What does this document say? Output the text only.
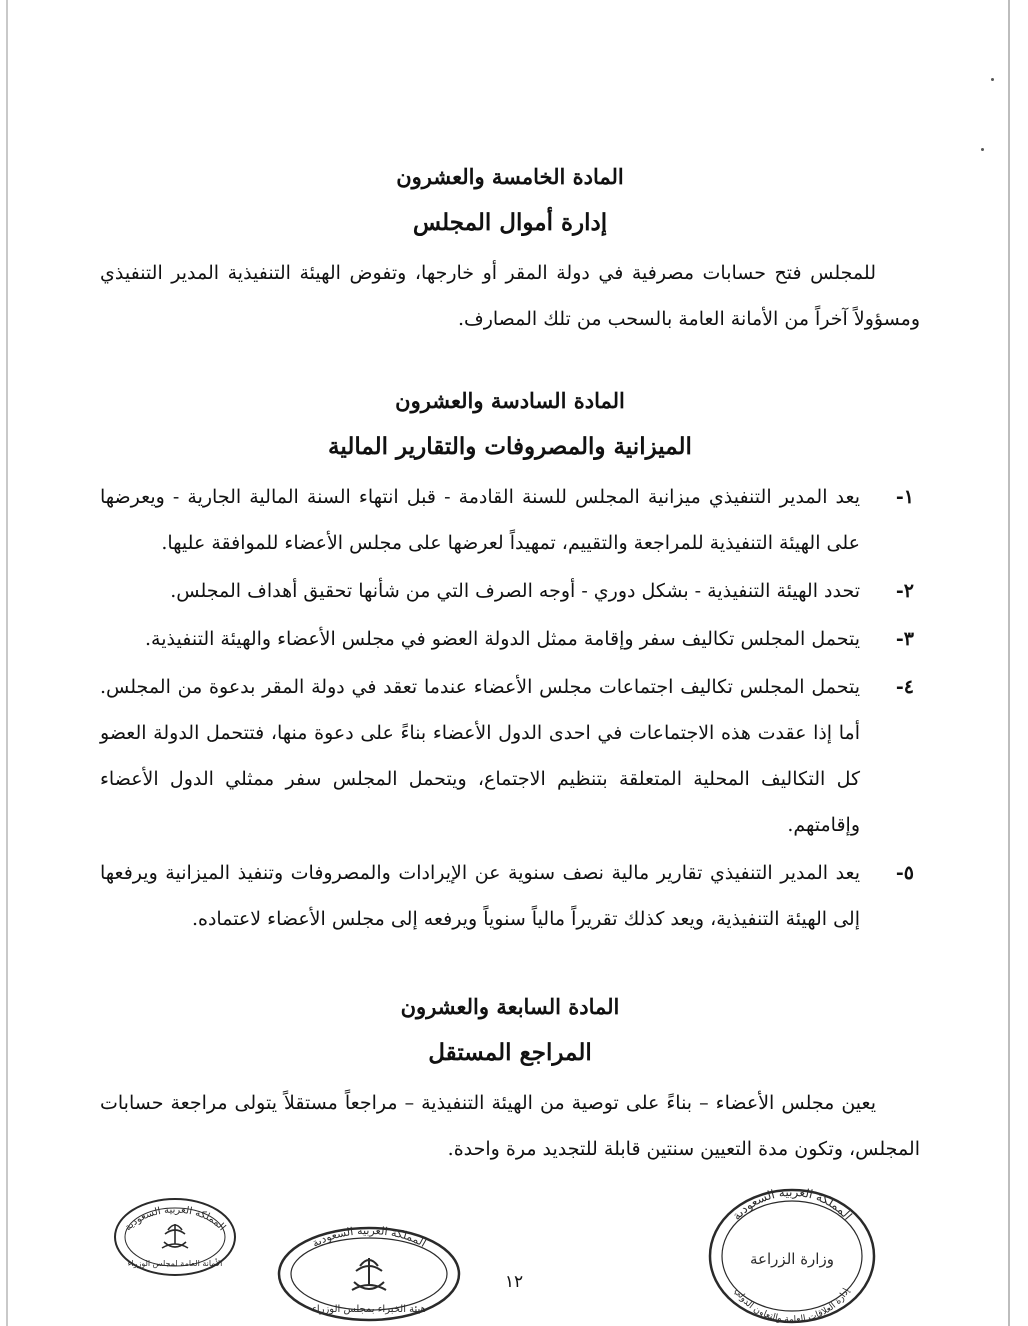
المادة الخامسة والعشرون
إدارة أموال المجلس

للمجلس فتح حسابات مصرفية في دولة المقر أو خارجها، وتفوض الهيئة التنفيذية المدير التنفيذي ومسؤولاً آخراً من الأمانة العامة بالسحب من تلك المصارف.

المادة السادسة والعشرون
الميزانية والمصروفات والتقارير المالية
١-
يعد المدير التنفيذي ميزانية المجلس للسنة القادمة - قبل انتهاء السنة المالية الجارية - ويعرضها على الهيئة التنفيذية للمراجعة والتقييم، تمهيداً لعرضها على مجلس الأعضاء للموافقة عليها.
٢-
تحدد الهيئة التنفيذية - بشكل دوري - أوجه الصرف التي من شأنها تحقيق أهداف المجلس.
٣-
يتحمل المجلس تكاليف سفر وإقامة ممثل الدولة العضو في مجلس الأعضاء والهيئة التنفيذية.
٤-
يتحمل المجلس تكاليف اجتماعات مجلس الأعضاء عندما تعقد في دولة المقر بدعوة من المجلس. أما إذا عقدت هذه الاجتماعات في احدى الدول الأعضاء بناءً على دعوة منها، فتتحمل الدولة العضو كل التكاليف المحلية المتعلقة بتنظيم الاجتماع، ويتحمل المجلس سفر ممثلي الدول الأعضاء وإقامتهم.
٥-
يعد المدير التنفيذي تقارير مالية نصف سنوية عن الإيرادات والمصروفات وتنفيذ الميزانية ويرفعها إلى الهيئة التنفيذية، ويعد كذلك تقريراً مالياً سنوياً ويرفعه إلى مجلس الأعضاء لاعتماده.
المادة السابعة والعشرون
المراجع المستقل

يعين مجلس الأعضاء – بناءً على توصية من الهيئة التنفيذية – مراجعاً مستقلاً يتولى مراجعة حسابات المجلس، وتكون مدة التعيين سنتين قابلة للتجديد مرة واحدة.

المملكة العربية السعودية
الأمانة العامة لمجلس الوزراء
المملكة العربية السعودية
هيئة الخبراء بمجلس الوزراء
١٢
المملكة العربية السعودية
وزارة الزراعة
إدارة العلاقات العامة والتعاون الدولي
